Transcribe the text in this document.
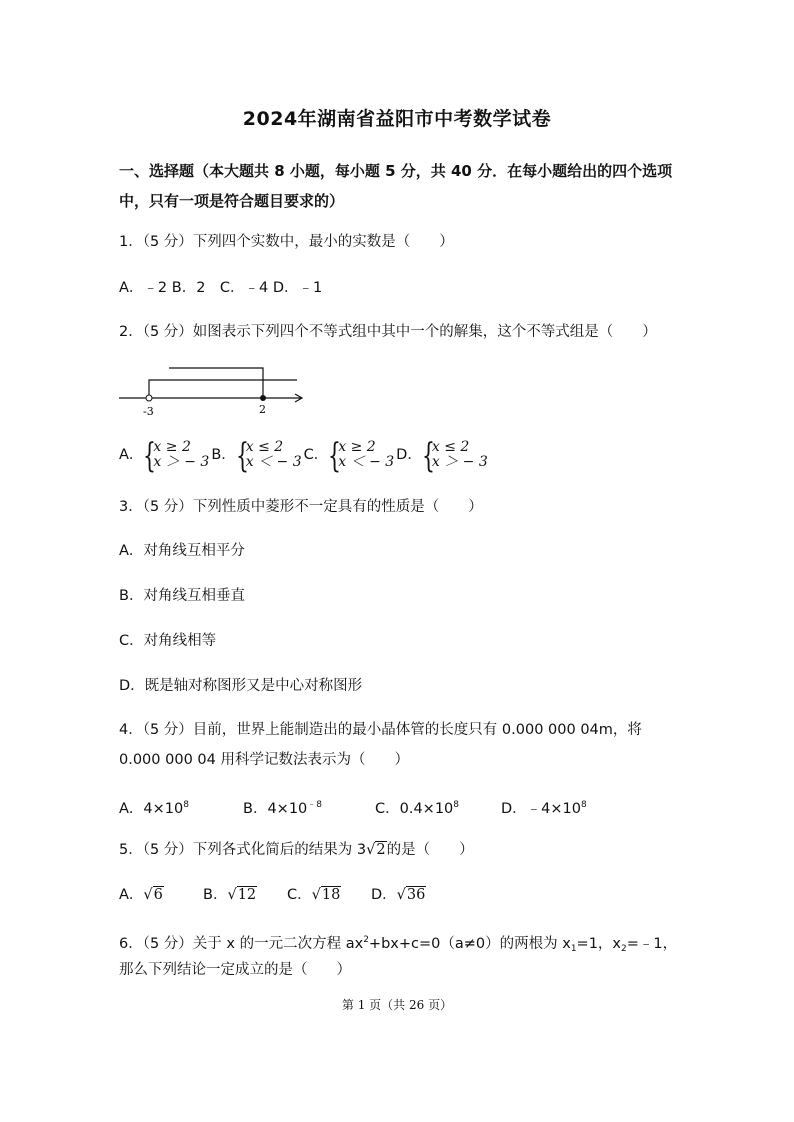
2024年湖南省益阳市中考数学试卷
一、选择题（本大题共 8 小题，每小题 5 分，共 40 分．在每小题给出的四个选项中，只有一项是符合题目要求的）
1．（5 分）下列四个实数中，最小的实数是（　　）
A．﹣2 B．2　C．﹣4 D．﹣1
2．（5 分）如图表示下列四个不等式组中其中一个的解集，这个不等式组是（　　）
-3	2
A． {
x ≥ 2
x ＞ − 3 B． {
x ≤ 2
x ＜ − 3 C． {
x ≥ 2
x ＜ − 3 D． {
x ≤ 2
x ＞ − 3
3．（5 分）下列性质中菱形不一定具有的性质是（　　）
A．对角线互相平分
B．对角线互相垂直
C．对角线相等
D．既是轴对称图形又是中心对称图形
4．（5 分）目前，世界上能制造出的最小晶体管的长度只有 0.000 000 04m，将
0.000 000 04 用科学记数法表示为（　　）
A．$4\times 10^8$	B．$4\times 10^{﹣8}$	C．$0.4\times 10^8$	D．$﹣4\times 10^8$
5．（5 分）下列各式化简后的结果为 3√2的是（　　）
A．√6	B．√12 C．√18 D．√36
6．（5 分）关于 x 的一元二次方程 $ax^2+bx+c=0(a\ne 0)$的两根为 $x_1=1$，$x_2=﹣1$，
那么下列结论一定成立的是（　　）
第 1 页（共 26 页）
